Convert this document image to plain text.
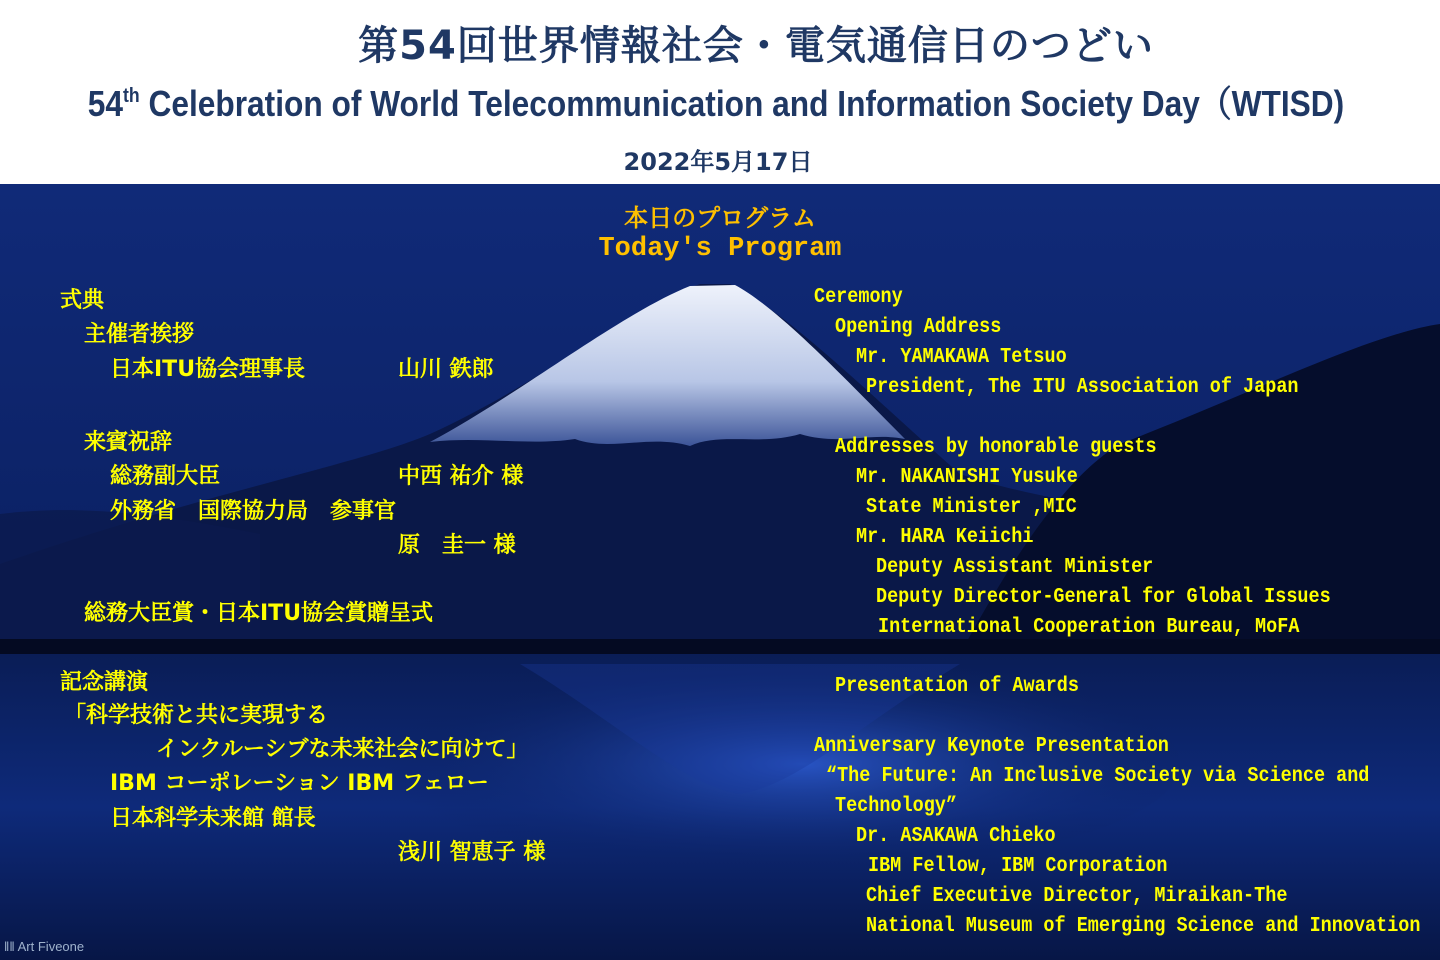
第54回世界情報社会・電気通信日のつどい
54th Celebration of World Telecommunication and Information Society Day（WTISD)
2022年5月17日
本日のプログラム
Today's Program
式典
主催者挨拶
日本ITU協会理事長	山川 鉄郎
来賓祝辞
総務副大臣	中西 祐介 様
外務省　国際協力局　参事官
原　圭一 様
総務大臣賞・日本ITU協会賞贈呈式
記念講演
「科学技術と共に実現する
インクルーシブな未来社会に向けて」
IBM コーポレーション IBM フェロー
日本科学未来館 館長
浅川 智恵子 様
Ceremony
Opening Address
Mr. YAMAKAWA Tetsuo
President, The ITU Association of Japan
Addresses by honorable guests
Mr. NAKANISHI Yusuke
State Minister ,MIC
Mr. HARA Keiichi
Deputy Assistant Minister
Deputy Director-General for Global Issues
International Cooperation Bureau, MoFA
Presentation of Awards
Anniversary Keynote Presentation
“The Future: An Inclusive Society via Science and
Technology”
Dr. ASAKAWA Chieko
IBM Fellow, IBM Corporation
Chief Executive Director, Miraikan-The
National Museum of Emerging Science and Innovation
‖‖ Art Fiveone
